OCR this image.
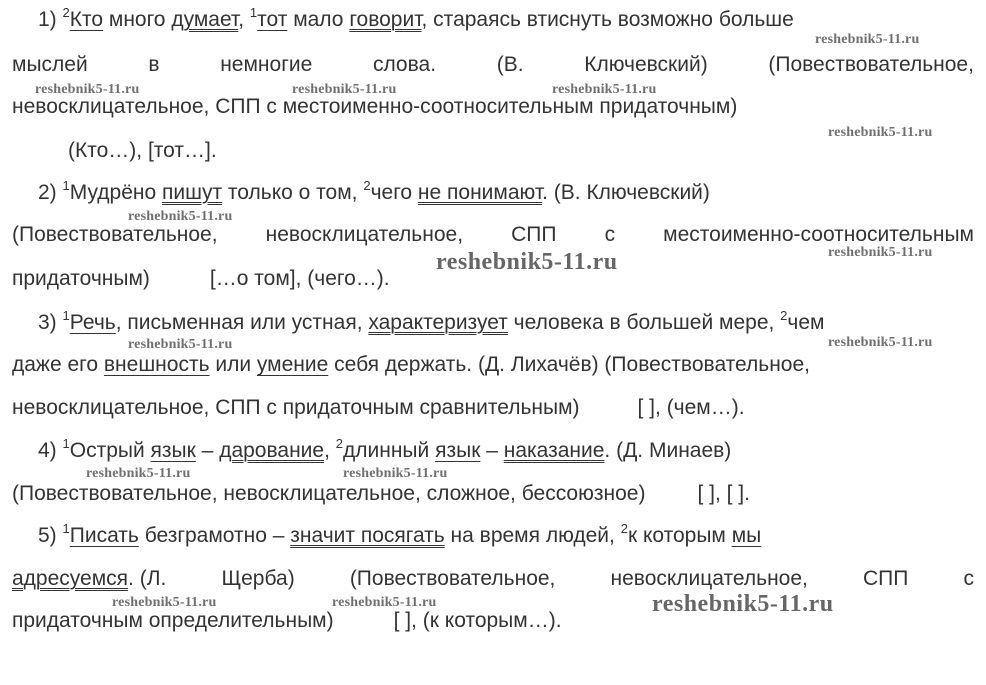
1) $^2$Кто много думает, $^1$тот мало говорит, стараясь втиснуть возможно больше
мыслей	в	немногие	слова.	(В.	Ключевский)	(Повествовательное,
невосклицательное, СПП с местоименно-соотносительным придаточным)
(Кто…), [тот…].
2) $^1$Мудрёно пишут только о том, $^2$чего не понимают. (В. Ключевский)
(Повествовательное, невосклицательное, СПП с местоименно-соотносительным
придаточным)	[…о том], (чего…).
3) $^1$Речь, письменная или устная, характеризует человека в большей мере, $^2$чем
даже его внешность или умение себя держать. (Д. Лихачёв) (Повествовательное,
невосклицательное, СПП с придаточным сравнительным)	[ ], (чем…).
4) $^1$Острый язык – дарование, $^2$длинный язык – наказание. (Д. Минаев)
(Повествовательное, невосклицательное, сложное, бессоюзное) [ ], [ ].
5) $^1$Писать безграмотно – значит посягать на время людей, $^2$к которым мы
адресуемся. (Л.	Щерба)	(Повествовательное,	невосклицательное,	СПП	с
придаточным определительным)	[ ], (к которым…).
reshebnik5-11.ru
reshebnik5-11.ru	reshebnik5-11.ru	reshebnik5-11.ru
reshebnik5-11.ru
reshebnik5-11.ru
reshebnik5-11.ru
reshebnik5-11.ru
reshebnik5-11.ru	reshebnik5-11.ru
reshebnik5-11.ru	reshebnik5-11.ru
reshebnik5-11.ru	reshebnik5-11.ru	reshebnik5-11.ru
